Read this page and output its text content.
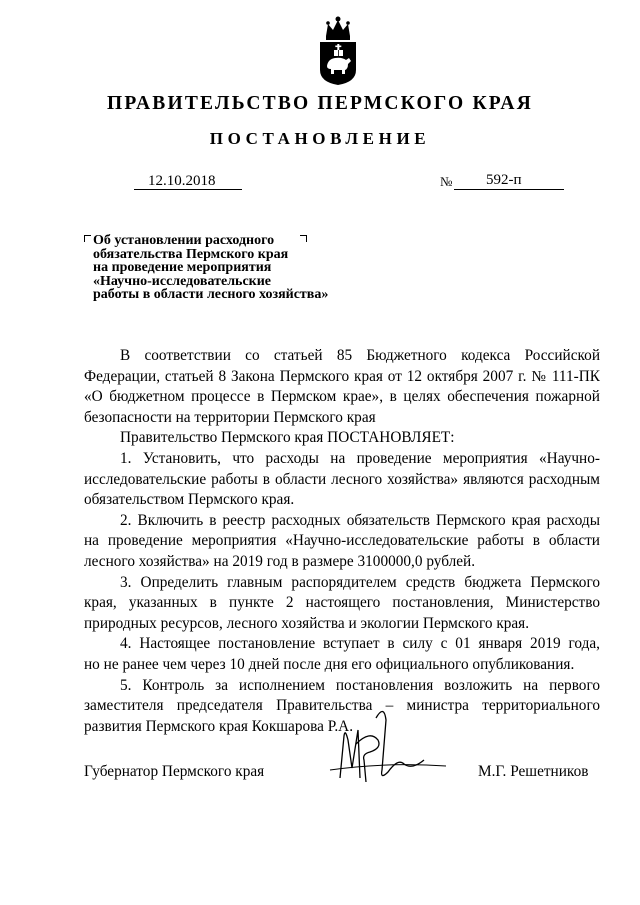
ПРАВИТЕЛЬСТВО ПЕРМСКОГО КРАЯ
ПОСТАНОВЛЕНИЕ
12.10.2018	№ 592-п
Об установлении расходного
обязательства Пермского края
на проведение мероприятия
«Научно-исследовательские
работы в области лесного хозяйства»

В соответствии со статьей 85 Бюджетного кодекса Российской

Федерации, статьей 8 Закона Пермского края от 12 октября 2007 г. № 111-ПК

«О бюджетном процессе в Пермском крае», в целях обеспечения пожарной

безопасности на территории Пермского края

Правительство Пермского края ПОСТАНОВЛЯЕТ:

1. Установить, что расходы на проведение мероприятия «Научно-

исследовательские работы в области лесного хозяйства» являются расходным

обязательством Пермского края.

2. Включить в реестр расходных обязательств Пермского края расходы

на проведение мероприятия «Научно-исследовательские работы в области

лесного хозяйства» на 2019 год в размере 3100000,0 рублей.

3. Определить главным распорядителем средств бюджета Пермского

края, указанных в пункте 2 настоящего постановления, Министерство

природных ресурсов, лесного хозяйства и экологии Пермского края.

4. Настоящее постановление вступает в силу с 01 января 2019 года,

но не ранее чем через 10 дней после дня его официального опубликования.

5. Контроль за исполнением постановления возложить на первого

заместителя председателя Правительства – министра территориального

развития Пермского края Кокшарова Р.А.

Губернатор Пермского края	М.Г. Решетников
